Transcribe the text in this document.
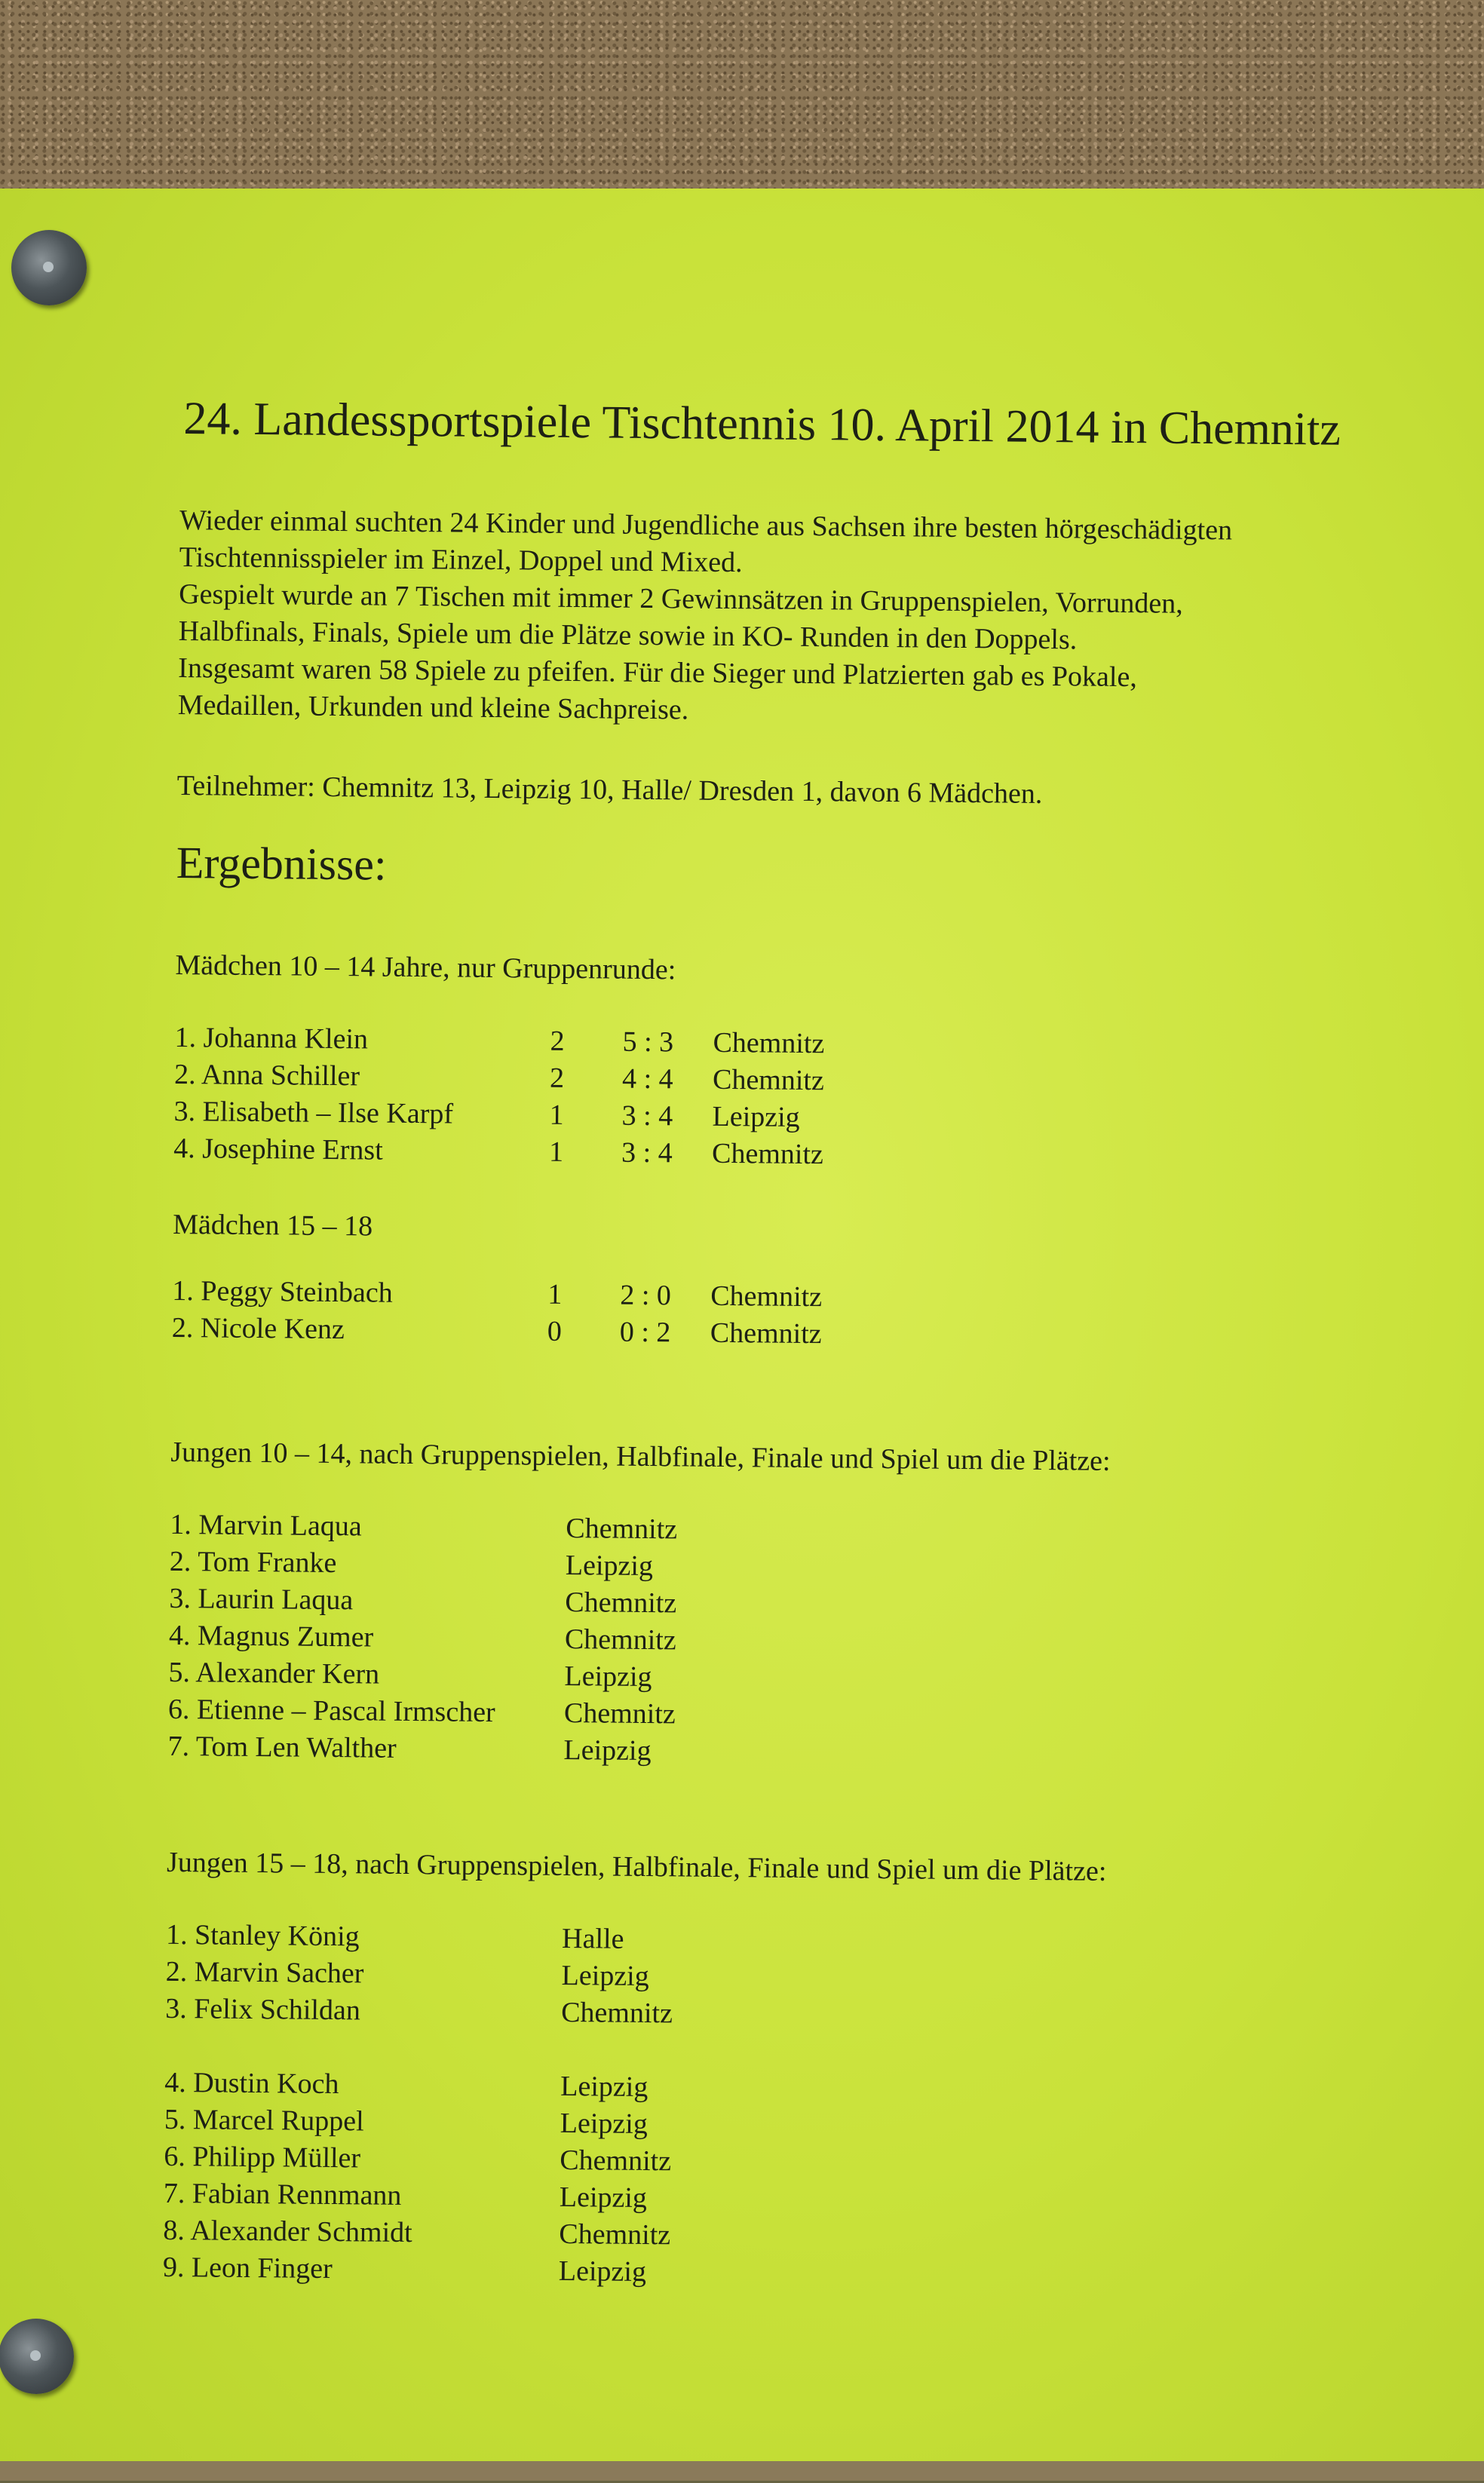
24. Landessportspiele Tischtennis 10. April 2014 in Chemnitz
Wieder einmal suchten 24 Kinder und Jugendliche aus Sachsen ihre besten hörgeschädigten
Tischtennisspieler im Einzel, Doppel und Mixed.
Gespielt wurde an 7 Tischen mit immer 2 Gewinnsätzen in Gruppenspielen, Vorrunden,
Halbfinals, Finals, Spiele um die Plätze sowie in KO- Runden in den Doppels.
Insgesamt waren 58 Spiele zu pfeifen. Für die Sieger und Platzierten gab es Pokale,
Medaillen, Urkunden und kleine Sachpreise.
Teilnehmer: Chemnitz 13, Leipzig 10, Halle/ Dresden 1, davon 6 Mädchen.
Ergebnisse:
Mädchen 10 – 14 Jahre, nur Gruppenrunde:
1. Johanna Klein	2 5 : 3 Chemnitz
2. Anna Schiller	2 4 : 4 Chemnitz
3. Elisabeth – Ilse Karpf	1 3 : 4 Leipzig
4. Josephine Ernst	1 3 : 4 Chemnitz
Mädchen 15 – 18
1. Peggy Steinbach	1 2 : 0 Chemnitz
2. Nicole Kenz	0 0 : 2 Chemnitz
Jungen 10 – 14, nach Gruppenspielen, Halbfinale, Finale und Spiel um die Plätze:
1. Marvin Laqua	Chemnitz
2. Tom Franke	Leipzig
3. Laurin Laqua	Chemnitz
4. Magnus Zumer	Chemnitz
5. Alexander Kern	Leipzig
6. Etienne – Pascal Irmscher Chemnitz
7. Tom Len Walther	Leipzig
Jungen 15 – 18, nach Gruppenspielen, Halbfinale, Finale und Spiel um die Plätze:
1. Stanley König	Halle
2. Marvin Sacher	Leipzig
3. Felix Schildan	Chemnitz
4. Dustin Koch	Leipzig
5. Marcel Ruppel	Leipzig
6. Philipp Müller	Chemnitz
7. Fabian Rennmann	Leipzig
8. Alexander Schmidt	Chemnitz
9. Leon Finger	Leipzig
